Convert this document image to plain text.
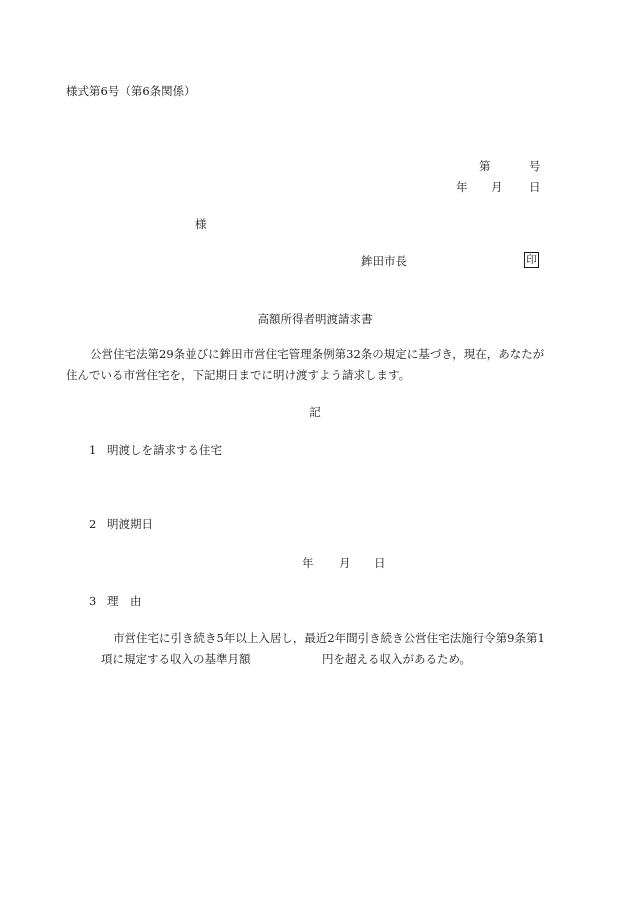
様式第6号（第6条関係）
第	号
年 月 日
様
鉾田市長	印
高額所得者明渡請求書
公営住宅法第29条並びに鉾田市営住宅管理条例第32条の規定に基づき，現在，あなたが
住んでいる市営住宅を，下記期日までに明け渡すよう請求します。
記
1 明渡しを請求する住宅
2 明渡期日
年 月 日
3 理　由
市営住宅に引き続き5年以上入居し，最近2年間引き続き公営住宅法施行令第9条第1
項に規定する収入の基準月額	円を超える収入があるため。
